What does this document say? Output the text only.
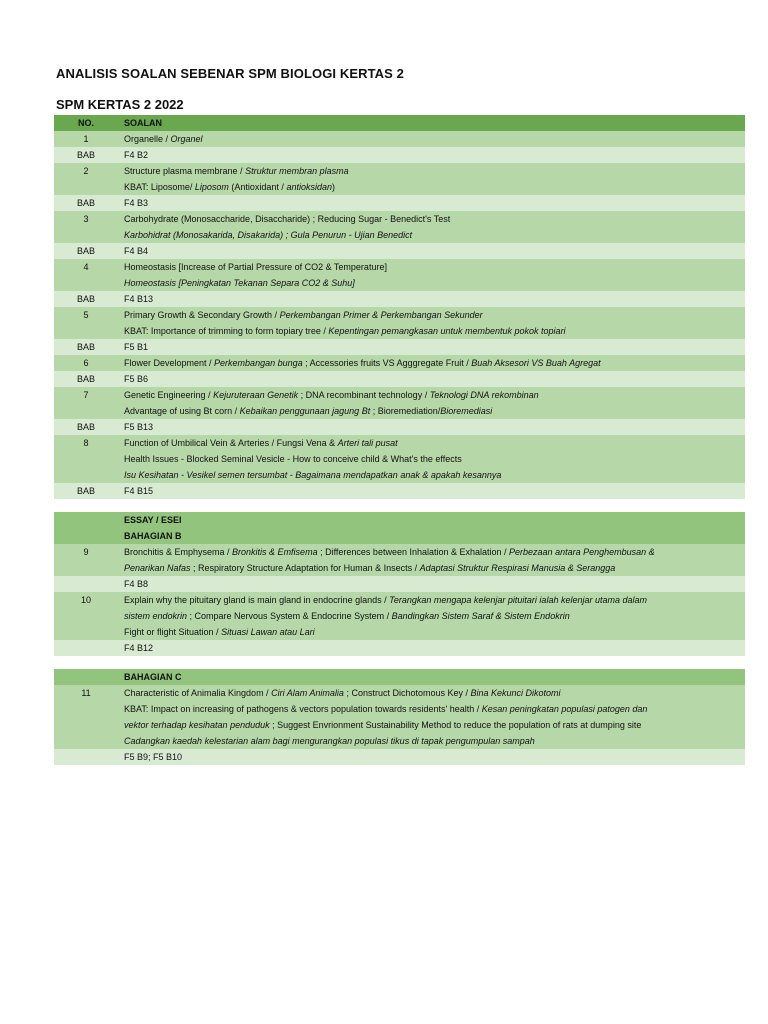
ANALISIS SOALAN SEBENAR SPM BIOLOGI KERTAS 2
SPM KERTAS 2 2022
NO.	SOALAN
1	Organelle / Organel
BAB	F4 B2
2	Structure plasma membrane / Struktur membran plasma
KBAT: Liposome/ Liposom (Antioxidant / antioksidan)
BAB	F4 B3
3	Carbohydrate (Monosaccharide, Disaccharide) ; Reducing Sugar - Benedict's Test
Karbohidrat (Monosakarida, Disakarida) ; Gula Penurun - Ujian Benedict
BAB	F4 B4
4	Homeostasis [Increase of Partial Pressure of CO2 & Temperature]
Homeostasis [Peningkatan Tekanan Separa CO2 & Suhu]
BAB	F4 B13
5	Primary Growth & Secondary Growth / Perkembangan Primer & Perkembangan Sekunder
KBAT: Importance of trimming to form topiary tree / Kepentingan pemangkasan untuk membentuk pokok topiari
BAB	F5 B1
6	Flower Development / Perkembangan bunga ; Accessories fruits VS Agggregate Fruit / Buah Aksesori VS Buah Agregat
BAB	F5 B6
7	Genetic Engineering / Kejuruteraan Genetik ; DNA recombinant technology / Teknologi DNA rekombinan
Advantage of using Bt corn / Kebaikan penggunaan jagung Bt ; Bioremediation/Bioremediasi
BAB	F5 B13
8	Function of Umbilical Vein & Arteries / Fungsi Vena & Arteri tali pusat
Health Issues - Blocked Seminal Vesicle - How to conceive child & What's the effects
Isu Kesihatan - Vesikel semen tersumbat - Bagaimana mendapatkan anak & apakah kesannya
BAB	F4 B15
ESSAY / ESEI
BAHAGIAN B
9	Bronchitis & Emphysema / Bronkitis & Emfisema ; Differences between Inhalation & Exhalation / Perbezaan antara Penghembusan &
Penarikan Nafas ; Respiratory Structure Adaptation for Human & Insects / Adaptasi Struktur Respirasi Manusia & Serangga
F4 B8
10	Explain why the pituitary gland is main gland in endocrine glands / Terangkan mengapa kelenjar pituitari ialah kelenjar utama dalam
sistem endokrin ; Compare Nervous System & Endocrine System / Bandingkan Sistem Saraf & Sistem Endokrin
Fight or flight Situation / Situasi Lawan atau Lari
F4 B12
BAHAGIAN C
11	Characteristic of Animalia Kingdom / Ciri Alam Animalia ; Construct Dichotomous Key / Bina Kekunci Dikotomi
KBAT: Impact on increasing of pathogens & vectors population towards residents' health / Kesan peningkatan populasi patogen dan
vektor terhadap kesihatan penduduk ; Suggest Envrionment Sustainability Method to reduce the population of rats at dumping site
Cadangkan kaedah kelestarian alam bagi mengurangkan populasi tikus di tapak pengumpulan sampah
F5 B9; F5 B10
